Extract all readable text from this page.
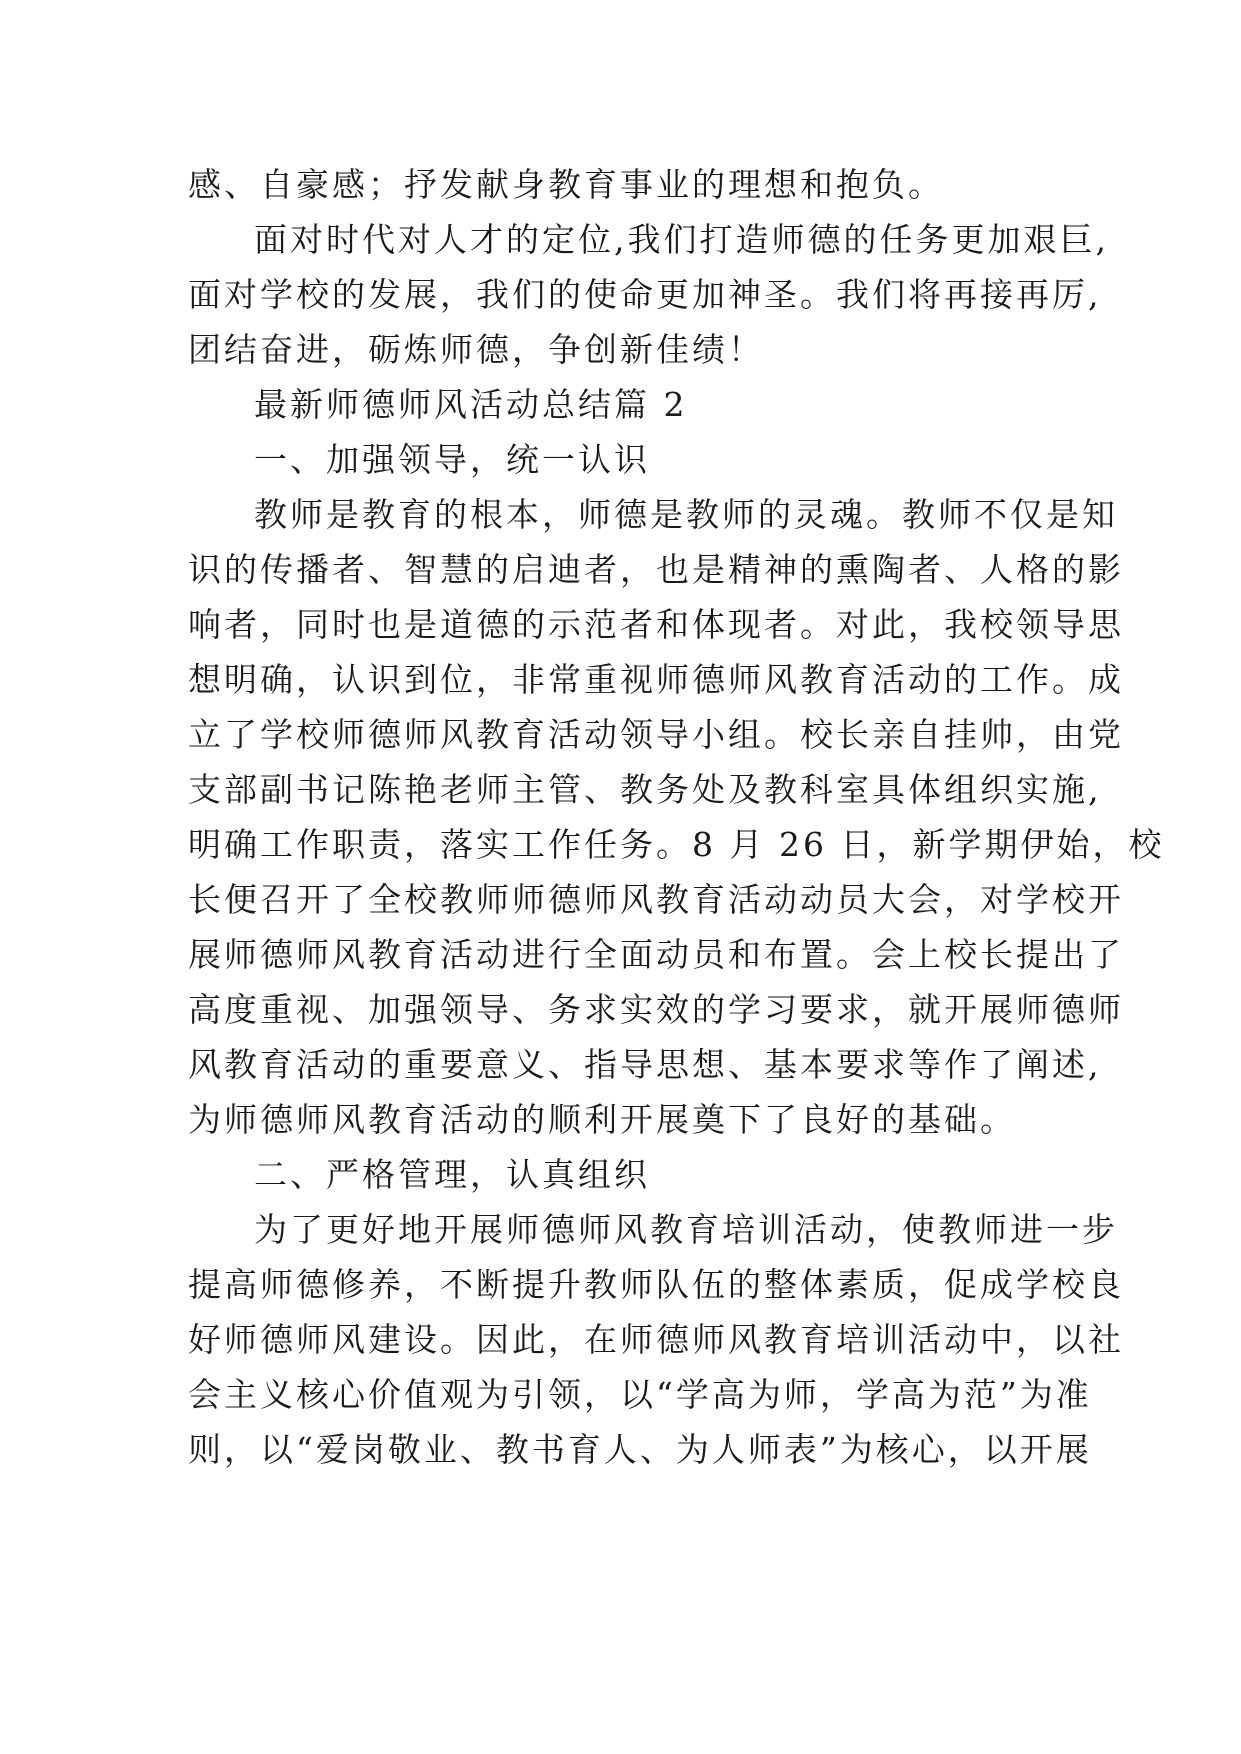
感、自豪感；抒发献身教育事业的理想和抱负。
面对时代对人才的定位,我们打造师德的任务更加艰巨,
面对学校的发展，我们的使命更加神圣。我们将再接再厉,
团结奋进，砺炼师德，争创新佳绩！
最新师德师风活动总结篇 2
一、加强领导，统一认识
教师是教育的根本，师德是教师的灵魂。教师不仅是知
识的传播者、智慧的启迪者，也是精神的熏陶者、人格的影
响者，同时也是道德的示范者和体现者。对此，我校领导思
想明确，认识到位，非常重视师德师风教育活动的工作。成
立了学校师德师风教育活动领导小组。校长亲自挂帅，由党
支部副书记陈艳老师主管、教务处及教科室具体组织实施,
明确工作职责，落实工作任务。8 月 26 日，新学期伊始，校
长便召开了全校教师师德师风教育活动动员大会，对学校开
展师德师风教育活动进行全面动员和布置。会上校长提出了
高度重视、加强领导、务求实效的学习要求，就开展师德师
风教育活动的重要意义、指导思想、基本要求等作了阐述,
为师德师风教育活动的顺利开展奠下了良好的基础。
二、严格管理，认真组织
为了更好地开展师德师风教育培训活动，使教师进一步
提高师德修养，不断提升教师队伍的整体素质，促成学校良
好师德师风建设。因此，在师德师风教育培训活动中，以社
会主义核心价值观为引领，以“学高为师，学高为范”为准
则，以“爱岗敬业、教书育人、为人师表”为核心，以开展
